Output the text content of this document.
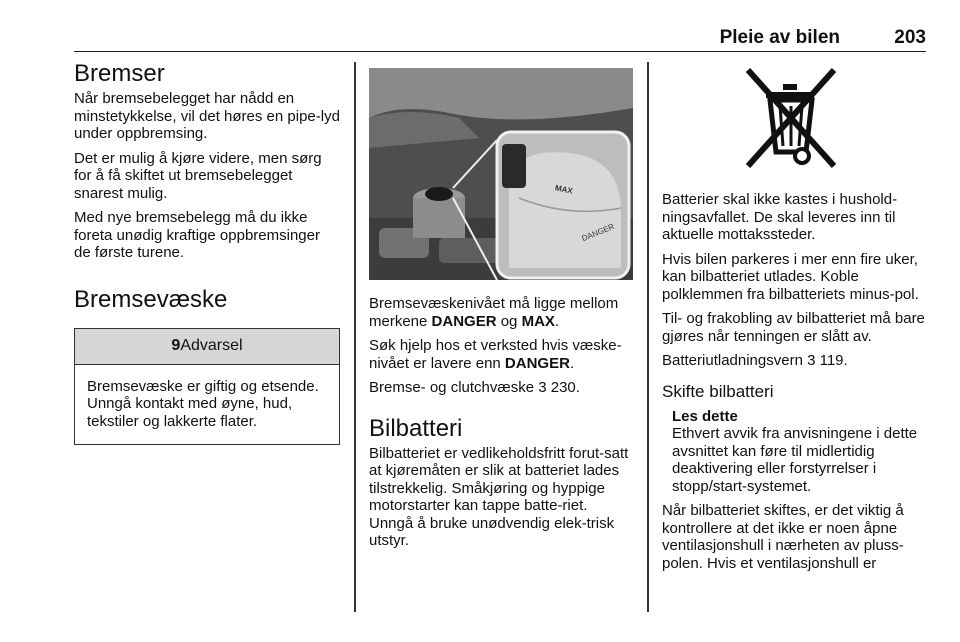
Pleie av bilen	203
Bremser

Når bremsebelegget har nådd en minstetykkelse, vil det høres en pipe-lyd under oppbremsing.

Det er mulig å kjøre videre, men sørg for å få skiftet ut bremsebelegget snarest mulig.

Med nye bremsebelegg må du ikke foreta unødig kraftige oppbremsinger de første turene.

Bremsevæske
9Advarsel

Bremsevæske er giftig og etsende. Unngå kontakt med øyne, hud, tekstiler og lakkerte flater.

MAX
DANGER

Bremsevæskenivået må ligge mellom merkene DANGER og MAX.

Søk hjelp hos et verksted hvis væske-nivået er lavere enn DANGER.

Bremse- og clutchvæske 3 230.

Bilbatteri

Bilbatteriet er vedlikeholdsfritt forut-satt at kjøremåten er slik at batteriet lades tilstrekkelig. Småkjøring og hyppige motorstarter kan tappe batte-riet. Unngå å bruke unødvendig elek-trisk utstyr.

Batterier skal ikke kastes i hushold-ningsavfallet. De skal leveres inn til aktuelle mottakssteder.

Hvis bilen parkeres i mer enn fire uker, kan bilbatteriet utlades. Koble polklemmen fra bilbatteriets minus-pol.

Til- og frakobling av bilbatteriet må bare gjøres når tenningen er slått av.

Batteriutladningsvern 3 119.

Skifte bilbatteri

Les dette

Ethvert avvik fra anvisningene i dette avsnittet kan føre til midlertidig deaktivering eller forstyrrelser i stopp/start-systemet.

Når bilbatteriet skiftes, er det viktig å kontrollere at det ikke er noen åpne ventilasjonshull i nærheten av pluss-polen. Hvis et ventilasjonshull er
